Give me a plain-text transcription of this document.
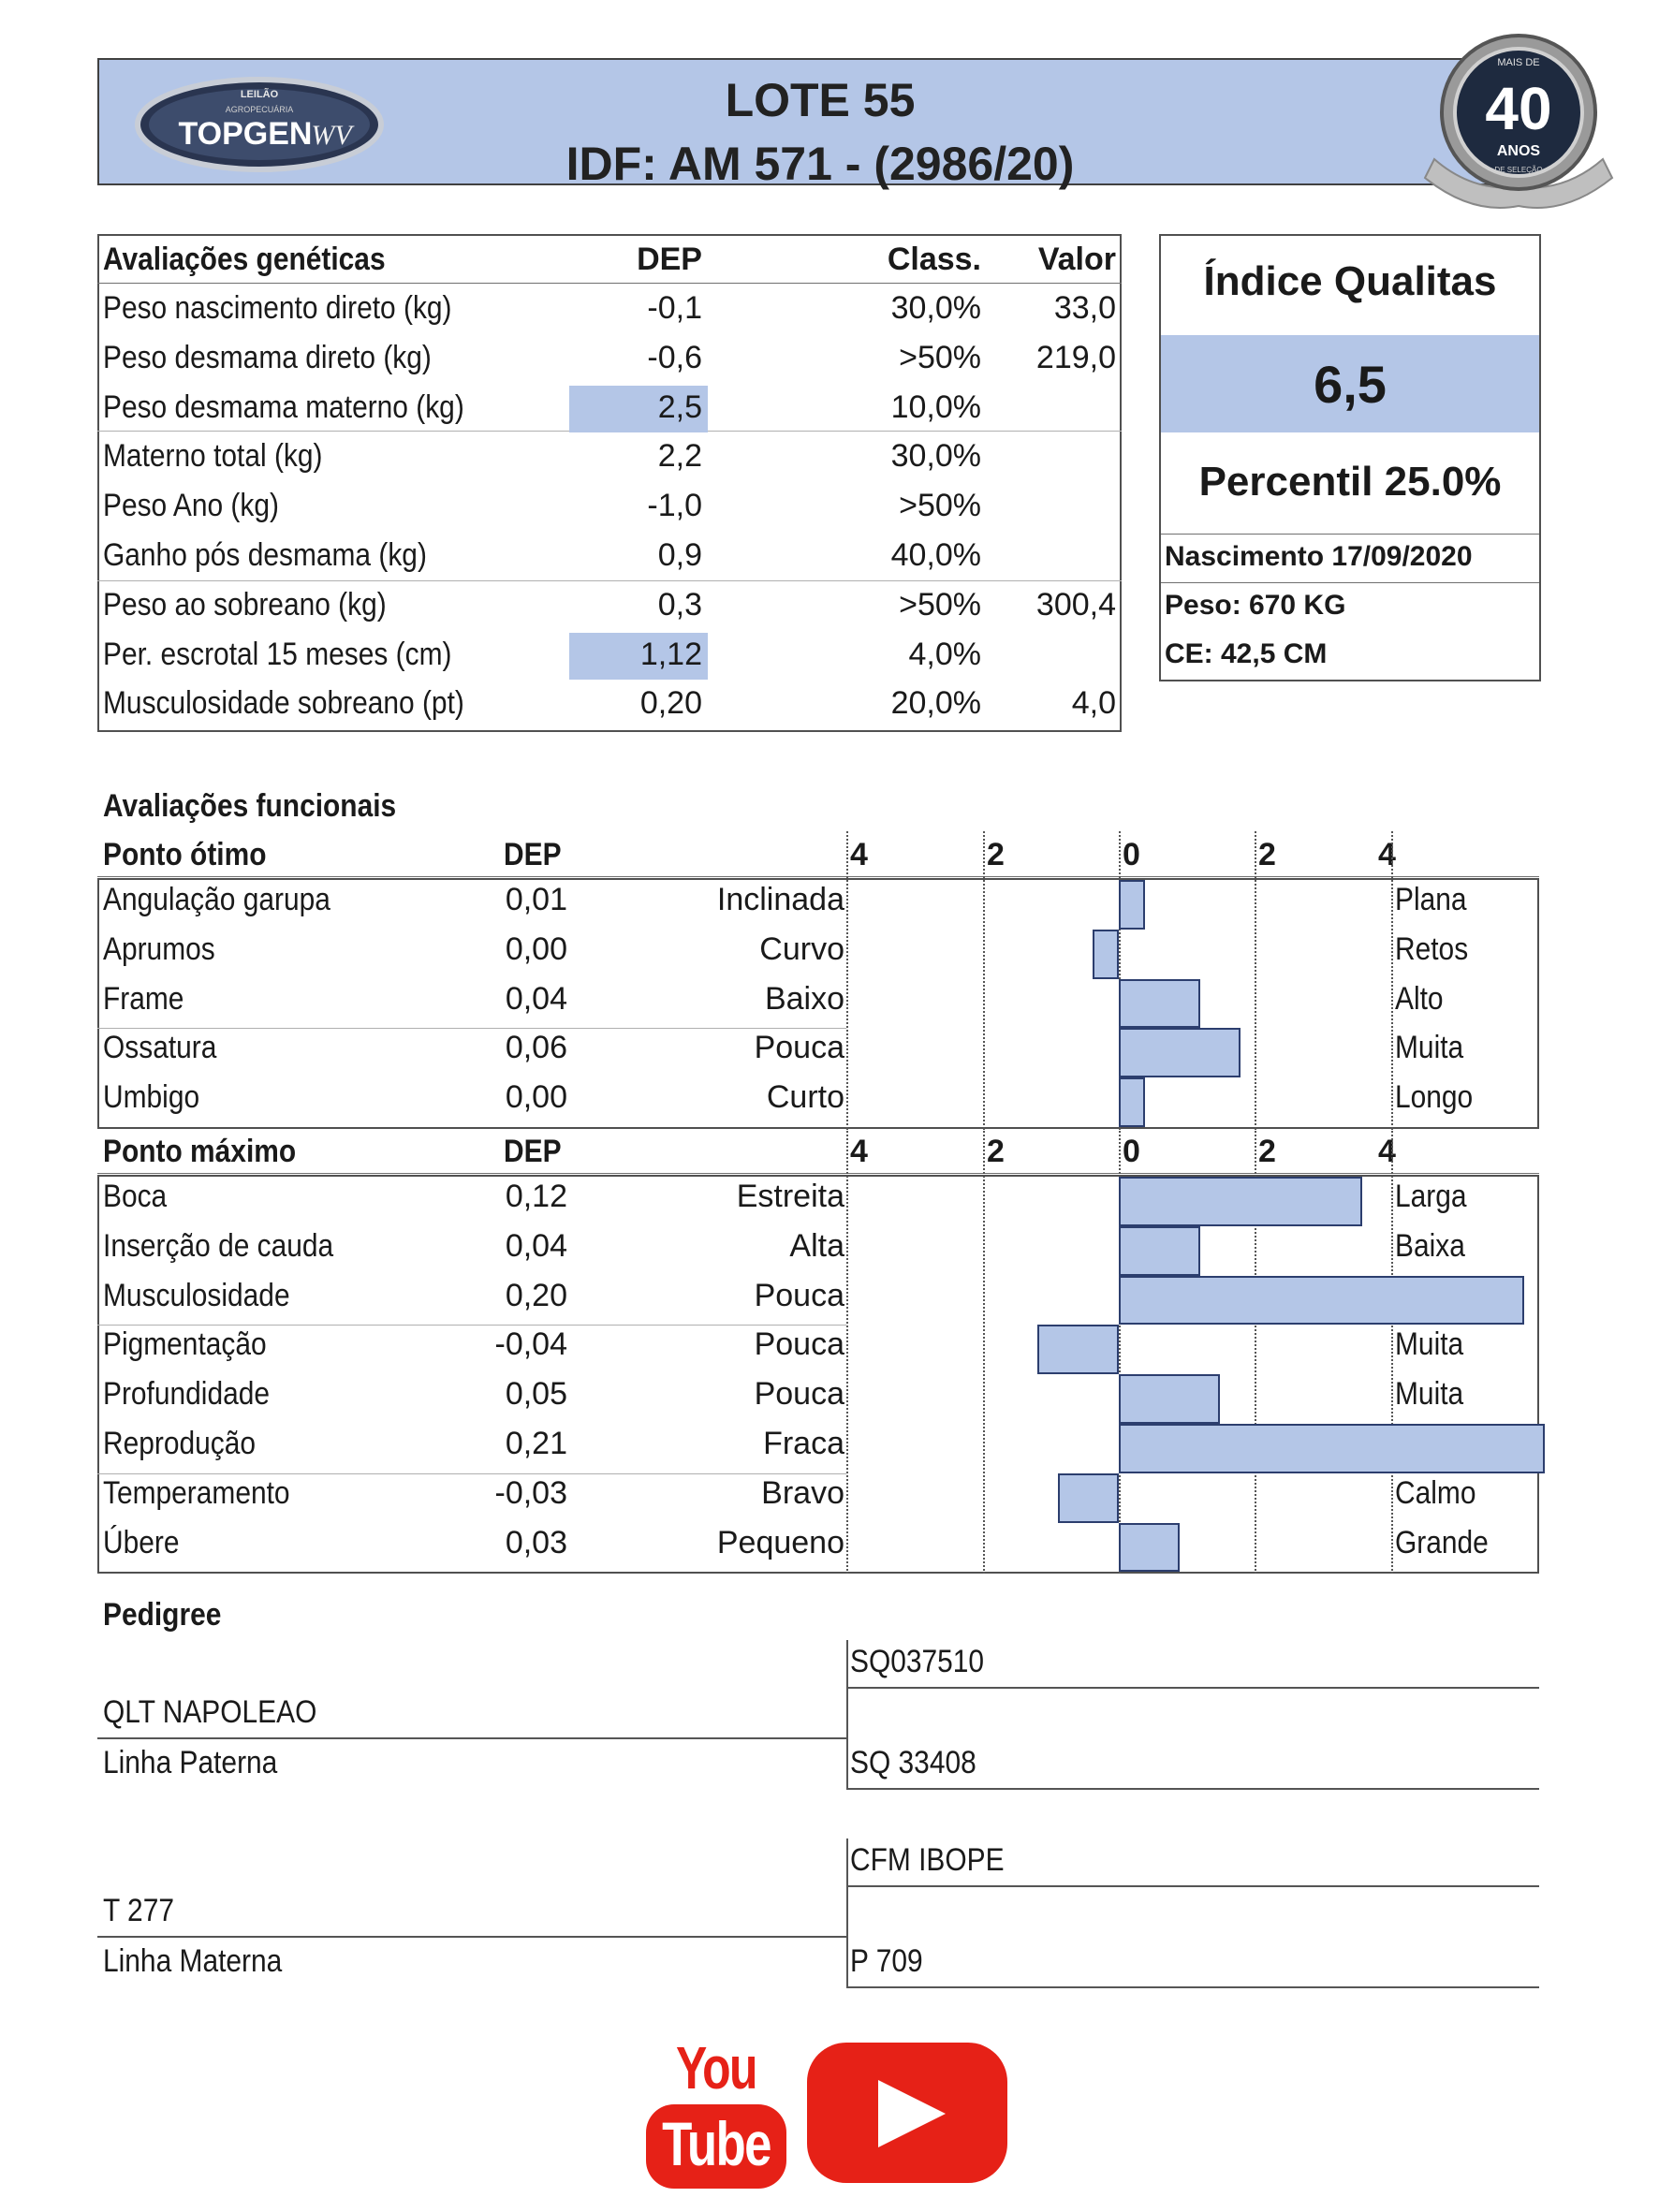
LOTE 55
IDF: AM 571 - (2986/20)
LEILÃO
AGROPECUÁRIA
TOPGEN
WV
MAIS DE
40
ANOS
DE SELEÇÃO
Avaliações genéticas	DEP	Class.	Valor
Peso nascimento direto (kg)	-0,1	30,0%	33,0
Peso desmama direto (kg)	-0,6	>50%	219,0
Peso desmama materno (kg)	2,5	10,0%
Materno total (kg)	2,2	30,0%
Peso Ano (kg)	-1,0	>50%
Ganho pós desmama (kg)	0,9	40,0%
Peso ao sobreano (kg)	0,3	>50%	300,4
Per. escrotal 15 meses (cm)	1,12	4,0%
Musculosidade sobreano (pt)	0,20	20,0%	4,0
Índice Qualitas
6,5
Percentil 25.0%
Nascimento 17/09/2020
Peso: 670 KG
CE: 42,5 CM
Avaliações funcionais
Ponto ótimo	DEP	4	2	0	2	4
Angulação garupa	0,01	Inclinada	Plana
Aprumos	0,00	Curvo	Retos
Frame	0,04	Baixo	Alto
Ossatura	0,06	Pouca	Muita
Umbigo	0,00	Curto	Longo
Ponto máximo	DEP	4	2	0	2	4
Boca	0,12	Estreita	Larga
Inserção de cauda	0,04	Alta	Baixa
Musculosidade	0,20	Pouca
Pigmentação	-0,04	Pouca	Muita
Profundidade	0,05	Pouca	Muita
Reprodução	0,21	Fraca
Temperamento	-0,03	Bravo	Calmo
Úbere	0,03	Pequeno	Grande
Pedigree
SQ037510
QLT NAPOLEAO
Linha Paterna	SQ 33408
CFM IBOPE
T 277
Linha Materna	P 709
You
Tube
